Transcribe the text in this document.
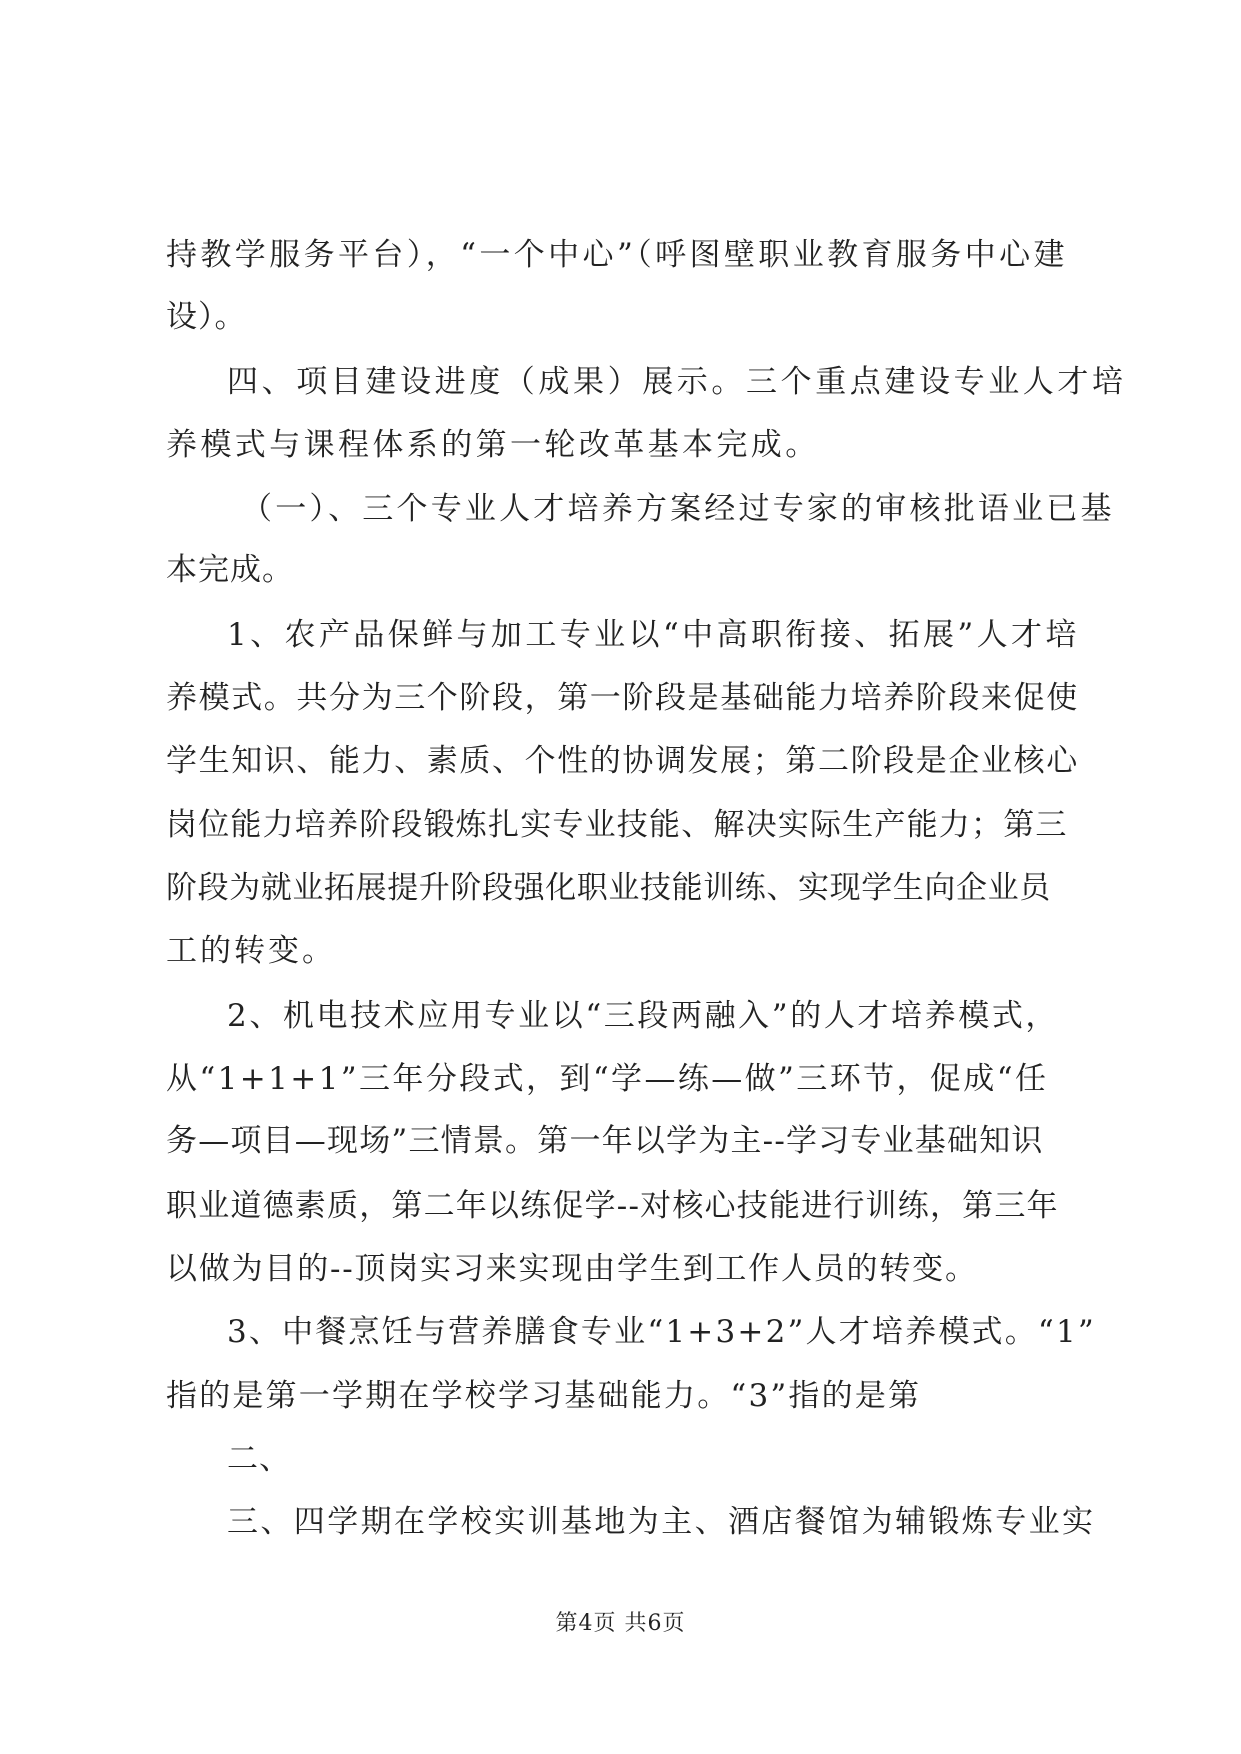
持教学服务平台），“一个中心”（呼图壁职业教育服务中心建
设）。
四、项目建设进度（成果）展示。三个重点建设专业人才培
养模式与课程体系的第一轮改革基本完成。
（一）、三个专业人才培养方案经过专家的审核批语业已基
本完成。
1、农产品保鲜与加工专业以“中高职衔接、拓展”人才培
养模式。共分为三个阶段，第一阶段是基础能力培养阶段来促使
学生知识、能力、素质、个性的协调发展；第二阶段是企业核心
岗位能力培养阶段锻炼扎实专业技能、解决实际生产能力；第三
阶段为就业拓展提升阶段强化职业技能训练、实现学生向企业员
工的转变。
2、机电技术应用专业以“三段两融入”的人才培养模式，
从“1+1+1”三年分段式，到“学—练—做”三环节，促成“任
务—项目—现场”三情景。第一年以学为主--学习专业基础知识
职业道德素质，第二年以练促学--对核心技能进行训练，第三年
以做为目的--顶岗实习来实现由学生到工作人员的转变。
3、中餐烹饪与营养膳食专业“1+3+2”人才培养模式。“1”
指的是第一学期在学校学习基础能力。“3”指的是第
二、
三、四学期在学校实训基地为主、酒店餐馆为辅锻炼专业实
第4页 共6页
